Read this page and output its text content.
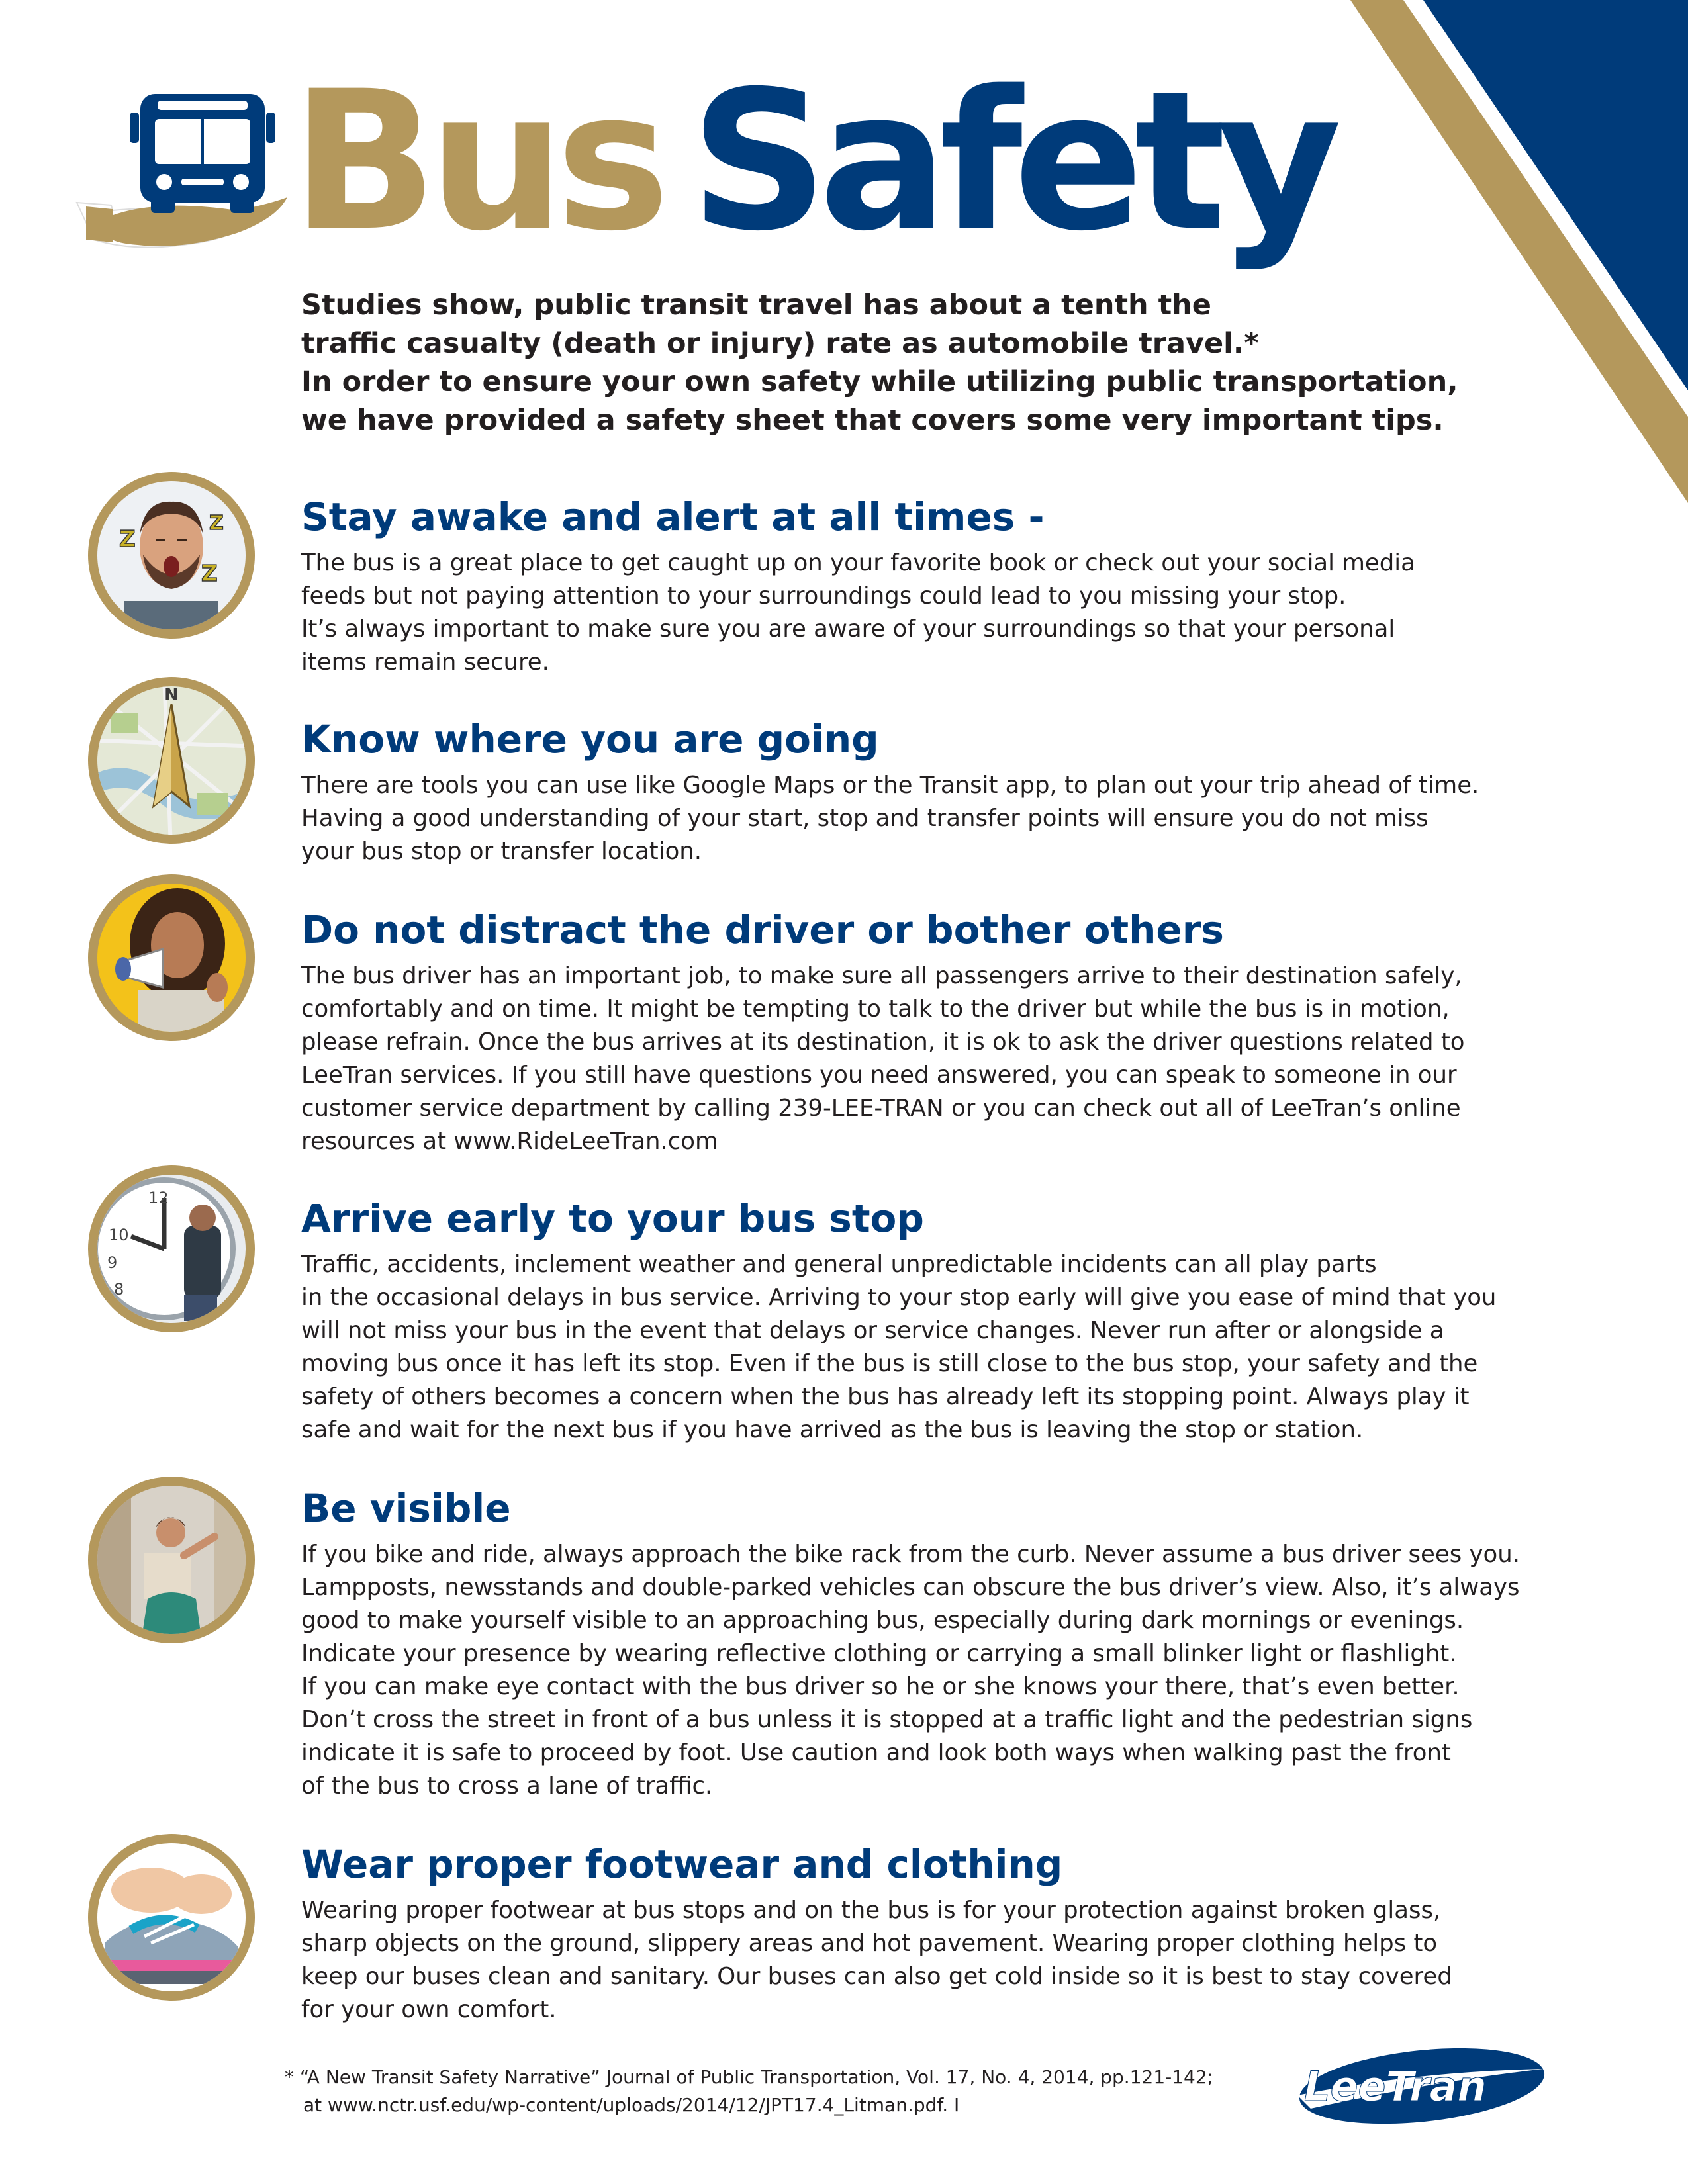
Bus Safety
Studies show, public transit travel has about a tenth the
traffic casualty (death or injury) rate as automobile travel.*
In order to ensure your own safety while utilizing public transportation,
we have provided a safety sheet that covers some very important tips.
Z
Z
Z
Stay awake and alert at all times -
The bus is a great place to get caught up on your favorite book or check out your social media
feeds but not paying attention to your surroundings could lead to you missing your stop.
It’s always important to make sure you are aware of your surroundings so that your personal
items remain secure.
N
Know where you are going
There are tools you can use like Google Maps or the Transit app, to plan out your trip ahead of time.
Having a good understanding of your start, stop and transfer points will ensure you do not miss
your bus stop or transfer location.
Do not distract the driver or bother others
The bus driver has an important job, to make sure all passengers arrive to their destination safely,
comfortably and on time. It might be tempting to talk to the driver but while the bus is in motion,
please refrain. Once the bus arrives at its destination, it is ok to ask the driver questions related to
LeeTran services. If you still have questions you need answered, you can speak to someone in our
customer service department by calling 239-LEE-TRAN or you can check out all of LeeTran’s online
resources at www.RideLeeTran.com
12
10
9
8
Arrive early to your bus stop
Traffic, accidents, inclement weather and general unpredictable incidents can all play parts
in the occasional delays in bus service. Arriving to your stop early will give you ease of mind that you
will not miss your bus in the event that delays or service changes. Never run after or alongside a
moving bus once it has left its stop. Even if the bus is still close to the bus stop, your safety and the
safety of others becomes a concern when the bus has already left its stopping point. Always play it
safe and wait for the next bus if you have arrived as the bus is leaving the stop or station.
Be visible
If you bike and ride, always approach the bike rack from the curb. Never assume a bus driver sees you.
Lampposts, newsstands and double-parked vehicles can obscure the bus driver’s view. Also, it’s always
good to make yourself visible to an approaching bus, especially during dark mornings or evenings.
Indicate your presence by wearing reflective clothing or carrying a small blinker light or flashlight.
If you can make eye contact with the bus driver so he or she knows your there, that’s even better.
Don’t cross the street in front of a bus unless it is stopped at a traffic light and the pedestrian signs
indicate it is safe to proceed by foot. Use caution and look both ways when walking past the front
of the bus to cross a lane of traffic.
Wear proper footwear and clothing
Wearing proper footwear at bus stops and on the bus is for your protection against broken glass,
sharp objects on the ground, slippery areas and hot pavement. Wearing proper clothing helps to
keep our buses clean and sanitary. Our buses can also get cold inside so it is best to stay covered
for your own comfort.
* “A New Transit Safety Narrative” Journal of Public Transportation, Vol. 17, No. 4, 2014, pp.121-142;
at www.nctr.usf.edu/wp-content/uploads/2014/12/JPT17.4_Litman.pdf. I	LeeTran
